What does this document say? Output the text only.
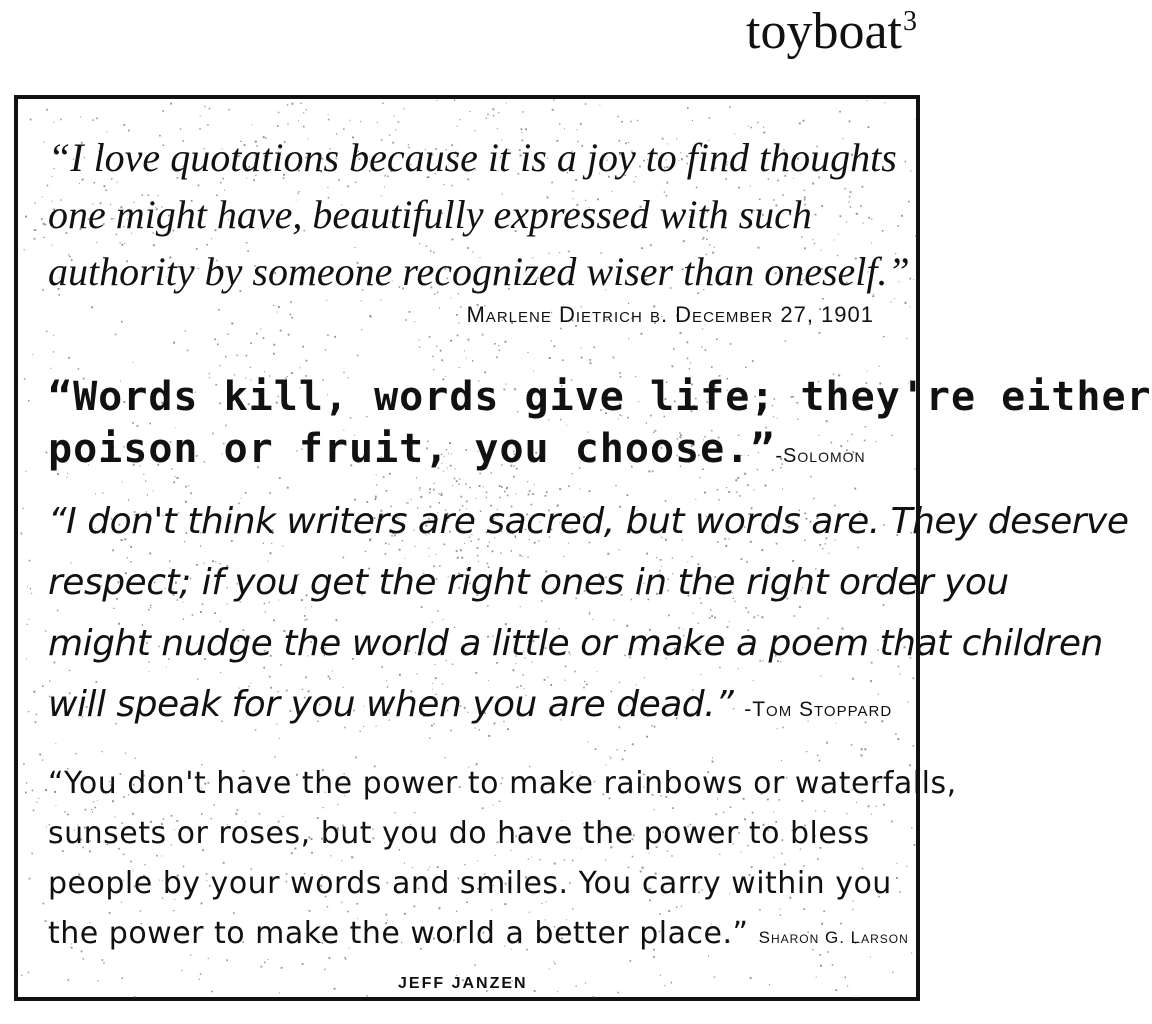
toyboat$^3$
“I love quotations because it is a joy to find thoughts
one might have, beautifully expressed with such
authority by someone recognized wiser than oneself.”
Marlene Dietrich b. December 27, 1901
“Words kill, words give life; they're either
poison or fruit, you choose.”-Solomon
“I don't think writers are sacred, but words are. They deserve
respect; if you get the right ones in the right order you
might nudge the world a little or make a poem that children
will speak for you when you are dead.” -Tom Stoppard
“You don't have the power to make rainbows or waterfalls,
sunsets or roses, but you do have the power to bless
people by your words and smiles. You carry within you
the power to make the world a better place.” Sharon G. Larson
JEFF JANZEN
